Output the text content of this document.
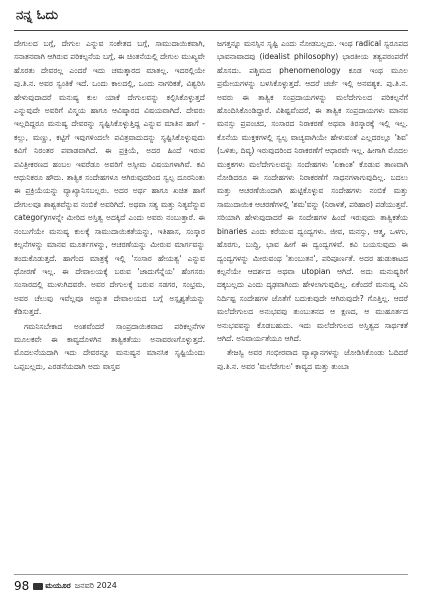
ನನ್ನ ಓದು

ದೇಗುಲದ ಬಗ್ಗೆ, ದೇಗುಲ ಎನ್ನುವ ಸಂಕೇತದ ಬಗ್ಗೆ, ಸಾಮುದಾಯಿಕವಾಗಿ, ಸನಾತನವಾಗಿ ಆಗಿರುವ ಪರಿಕಲ್ಪನೆಯ ಬಗ್ಗೆ, ಈ ಚಿಂತನೆಯಲ್ಲಿ ದೇಗುಲ ಮುಖ್ಯವೇ ಹೊರತು ದೇವರಲ್ಲ ಎಂದರೆ ಇದು ಚಮತ್ಕಾರದ ಮಾತಲ್ಲ. ಇದರಲ್ಲಿಯೇ ಪು.ತಿ.ನ. ಅವರ ಸ್ವಂತಿಕೆ ಇದೆ. ಒಂದು ಕಾಲದಲ್ಲಿ, ಒಂದು ನಾಗರಿಕತೆ, ವಿಶ್ವರಿಸಿ ಹೇಳುವುದಾದರೆ ಮನುಷ್ಯ ಕುಲ ಯಾಕೆ ದೇಗುಲವನ್ನು ಕಲ್ಪಿಸಿಕೊಳ್ಳುತ್ತದೆ ಎನ್ನುವುದೇ ಅವರಿಗೆ ವಿಸ್ಮಯ ಹಾಗೂ ಆವಿಷ್ಕಾರದ ವಿಷಯವಾಗಿದೆ. ದೇವರು ಇಲ್ಲದಿದ್ದರೂ ಮನುಷ್ಯ ದೇವರನ್ನು ಸೃಷ್ಟಿಸಿಕೊಳ್ಳುತ್ತಿದ್ದ ಎನ್ನುವ ಮಾತಿನ ಹಾಗೆ - ಕಲ್ಲು, ಮಣ್ಣು, ಕಟ್ಟಿಗೆ ಇವುಗಳಿಂದಲೇ ಪವಿತ್ರವಾದುದನ್ನು ಸೃಷ್ಟಿಸಿಕೊಳ್ಳುವುದು ಕವಿಗೆ ನಿರಂತರ ಪವಾಡವಾಗಿದೆ. ಈ ಪ್ರಕ್ರಿಯೆ, ಅದರ ಹಿಂದೆ ಇರುವ ಪವಿತ್ರೀಕರಣದ ಹಂಬಲ ಇವರೆಡೂ ಅವರಿಗೆ ಅಸ್ಸೀಮ ವಿಷಯಗಳಾಗಿವೆ. ಕವಿ ಆಧುನಿಕರೂ ಹೌದು. ತಾತ್ವಿಕ ಸಂದೇಹಗಳೂ ಆಗಿರುವುದರಿಂದ ಸ್ವಲ್ಪ ದೂರನಿಂತು ಈ ಪ್ರಕ್ರಿಯೆಯನ್ನು ವ್ಯಾಖ್ಯಾನಿಸಬಲ್ಲರು. ಅದರ ಅರ್ಥ ಹಾಗೂ ಖಚಿತ ಹಾಗೆ ದೇಗುಲವೂ ಶಾಶ್ವತವೆನ್ನುವ ನಂಬಿಕೆ ಅವರಿಗಿದೆ. ಅಥವಾ ಸತ್ಯ ಮತ್ತು ನಿತ್ಯವೆನ್ನುವ categoryಗಳನ್ನೇ ಮೀರಿದ ಅಸ್ತಿತ್ವ ಅದಕ್ಕಿದೆ ಎಂದು ಅವರು ನಂಬುತ್ತಾರೆ. ಈ ನಂಬುಗೆಯೇ ಮನುಷ್ಯ ಕುಲಕ್ಕೆ ಸಾಮುದಾಯಿಕತೆಯನ್ನು, ಇತಿಹಾಸ, ಸಂಸ್ಕಾರ ಕಲ್ಪನೆಗಳನ್ನು ಮಾನವ ಮೂರ್ತಗಳನ್ನು, ಆಚರಣೆಯನ್ನು ಮೀರುವ ಮಾರ್ಗವನ್ನು ತಂದುಕೊಡುತ್ತದೆ. ಹಾಗೆಂದ ಮಾತ್ರಕ್ಕೆ ಇಲ್ಲಿ 'ಸಂಸಾರ ಹೇಯತ್ವ' ಎನ್ನುವ ಧೋರಣೆ ಇಲ್ಲ. ಈ ದೇವಾಲಯಕ್ಕೆ ಬರುವ 'ಜಾದುಗೆನ್ನೆಯ' ಹೆಂಗಸರು ಸಂಸಾರದಲ್ಲಿ ಮುಳುಗಿದವರೇ. ಅವರ ದೇಗುಲಕ್ಕೆ ಬರುವ ಸಡಗರ, ಸಂಭ್ರಮ, ಅವರ ಚೆಲುವು ಇವೆಲ್ಲವೂ ಅದ್ಭುತ ದೇವಾಲಯದ ಬಗ್ಗೆ ಅಸ್ಪೃಶ್ಯತೆಯನ್ನು ಕೆಡಿಸುತ್ತದೆ.

ಗಮನಿಸಬೇಕಾದ ಅಂಶವೆಂದರೆ ಸಾಂಪ್ರದಾಯಿಕವಾದ ಪರಿಕಲ್ಪನೆಗಳ ಮೂಲಕವೇ ಈ ಕಾವ್ಯದೊಳಗಿನ ತಾತ್ವಿಕತೆಯು ಅನಾವರಣಗೊಳ್ಳುತ್ತದೆ. ಮೊದಲನೆಯದಾಗಿ ಇದು ದೇವರನ್ನೂ ಮನುಷ್ಯನ ಮಾನಸಿಕ ಸೃಷ್ಟಿಯೆಂದು ಒಪ್ಪಬಲ್ಲದು, ಎರಡನೆಯದಾಗಿ ಅದು ವಾಸ್ತವ

ಜಗತ್ತನ್ನೂ ಮನಸ್ಸಿನ ಸೃಷ್ಟಿ ಎಂದು ನೋಡಬಲ್ಲದು. ಇಂಥ radical ಸ್ವರೂಪದ ಭಾವನಾವಾದವು (idealist philosophy) ಭಾರತೀಯ ತತ್ವಪರಂಪರೆಗೆ ಹೊಸದು. ಪಶ್ಚಿಮದ phenomenology ಕೂಡ ಇಂಥ ಮೂಲ ಪ್ರಮೇಯಗಳನ್ನು ಬಳಸಿಕೊಳ್ಳುತ್ತದೆ. ಆದರೆ ಚರ್ಚೆ ಇಲ್ಲಿ ಅನವಶ್ಯಕ. ಪು.ತಿ.ನ. ಅವರು ಈ ತಾತ್ವಿಕ ಸಂಪ್ರದಾಯಗಳನ್ನು ಮಲೆದೇಗುಲದ ಪರಿಕಲ್ಪನೆಗೆ ಹೊಂದಿಸಿಕೊಂಡಿದ್ದಾರೆ. ವಿಶಿಷ್ಟವೆಂದರೆ, ಈ ತಾತ್ವಿಕ ಸಂಪ್ರದಾಯಗಳು ಮಾನವ ಮನಸ್ಸು ಪ್ರಪಂಚದ, ಸಂಸಾರದ ನಿರಾಕರಣೆ ಅಥವಾ ತಿರಸ್ಕಾರಕ್ಕೆ ಇಲ್ಲಿ ಇಲ್ಲ. ಕೊನೆಯ ಮುಕ್ತಕಗಳಲ್ಲಿ ಸ್ವಲ್ಪ ವಾಚ್ಯವಾಗಿಯೇ ಹೇಳುವಂತೆ ಎಲ್ಲದರಲ್ಲೂ 'ಶಿವ' (ಒಳಿತು, ದಿವ್ಯ) ಇರುವುದರಿಂದ ನಿರಾಕರಣೆಗೆ ಆಧಾರವೇ ಇಲ್ಲ. ಹೀಗಾಗಿ ಮೊದಲ ಮುಕ್ತಕಗಳು ಮಲೆದೇಗುಲವನ್ನು ಸಂದೇಹಗಳು 'ಏಕಾಂತ' ಕೊಡುವ ತಾಣವಾಗಿ ನೋಡಿದರೂ ಈ ಸಂದೇಹಗಳು ನಿರಾಕರಣೆಗೆ ಸಾಧನಗಳಾಗುವುದಿಲ್ಲ. ಬದಲು ಮತ್ತು ಆಚರಣೆಯಿಂದಾಗಿ ಹುಟ್ಟಿಕೊಳ್ಳುವ ಸಂದೇಹಗಳು ನಂಬಿಕೆ ಮತ್ತು ಸಾಮುದಾಯಿಕ ಆಚರಣೆಗಳಲ್ಲಿ 'ಶಮ'ವನ್ನು (ನಿರಾಳತೆ, ಪರಿಹಾರ) ಪಡೆಯುತ್ತವೆ. ಸರಿಯಾಗಿ ಹೇಳುವುದಾದರೆ ಈ ಸಂದೇಹಗಳ ಹಿಂದೆ ಇರುವುದು ತಾತ್ವಿಕತೆಯ binaries ಎಂದು ಕರೆಯುವ ದ್ವಂದ್ವಗಳು. ಜೀವ, ಮನಸ್ಸು, ಆತ್ಮ, ಒಳಗು, ಹೊರಗು, ಬುದ್ಧಿ, ಭಾವ ಹೀಗೆ ಈ ದ್ವಂದ್ವಗಳಿವೆ. ಕವಿ ಬಯಸುವುದು ಈ ದ್ವಂದ್ವಗಳನ್ನು ಮೀರುವಂಥ 'ತುಂಬುತನ', ಪರಿಪೂರ್ಣತೆ. ಅದರ ಹುಡುಕಾಟದ ಕಲ್ಪನೆಯೇ ಆದರ್ಶದ ಅಥವಾ utopian ಆಗಿದೆ. ಅದು ಮನುಷ್ಯರಿಗೆ ದಕ್ಕಬಲ್ಲದು ಎಂದು ದೃಢವಾಗಿಂದು ಹೇಳಲಾಗುವುದಿಲ್ಲ. ಏಕೆಂದರೆ ಮನುಷ್ಯ ವಿನಿ ನಿರ್ದಿಷ್ಟ ಸಂದೇಹಗಳ ಜೊತೆಗೆ ಬದುಕುವುದೇ ಆಗಿರುವುದೇ? ಗೊತ್ತಿಲ್ಲ. ಆದರೆ ಮಲೆದೇಗುಲದ ಅನುಭವವು ತುಂಬುತನದ ಆ ಕ್ಷಣದ, ಆ ಮುಹೂರ್ತದ ಅನುಭವವನ್ನು ಕೊಡಬಹುದು. ಇದು ಮಲೆದೇಗುಲದ ಅಸ್ತಿತ್ವದ ಸಾರ್ಥಕತೆ ಆಗಿದೆ. ಅನಿವಾರ್ಯತೆಯೂ ಆಗಿದೆ.

ತೇಜಸ್ವಿ ಅವರ ಗಂಭೀರವಾದ ವ್ಯಾಖ್ಯಾನಗಳನ್ನು ಜೋಡಿಸಿಕೊಂಡು ಓದಿದರೆ ಪು.ತಿ.ನ. ಅವರ 'ಮಲೆದೇಗುಲ' ಕಾವ್ಯದ ಮತ್ತು ತುಂಬಾ

98 ಮಯೂರ ಜನವರಿ 2024
